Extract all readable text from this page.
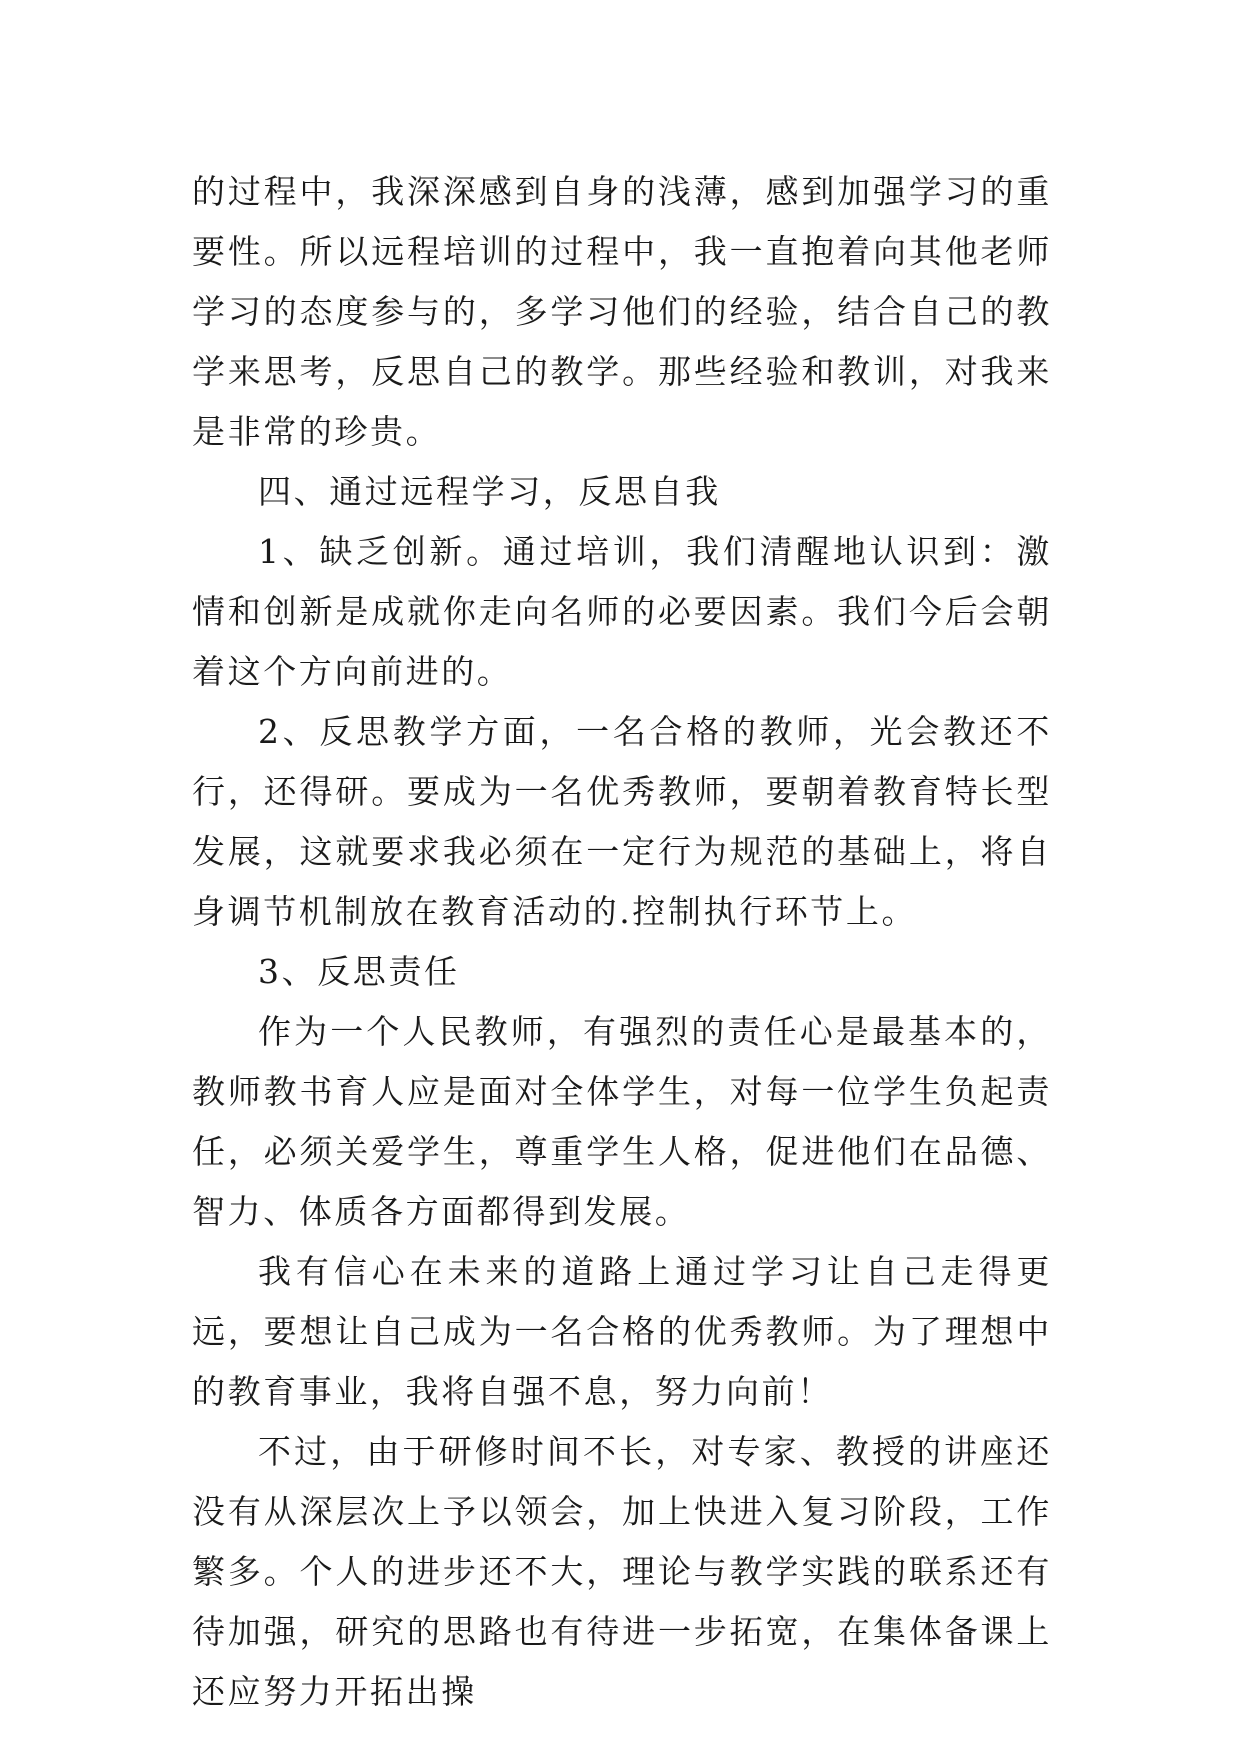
的过程中，我深深感到自身的浅薄，感到加强学习的重要性。所以远程培训的过程中，我一直抱着向其他老师学习的态度参与的，多学习他们的经验，结合自己的教学来思考，反思自己的教学。那些经验和教训，对我来是非常的珍贵。

四、通过远程学习，反思自我

1、缺乏创新。通过培训，我们清醒地认识到：激情和创新是成就你走向名师的必要因素。我们今后会朝着这个方向前进的。

2、反思教学方面，一名合格的教师，光会教还不行，还得研。要成为一名优秀教师，要朝着教育特长型发展，这就要求我必须在一定行为规范的基础上，将自身调节机制放在教育活动的.控制执行环节上。

3、反思责任

作为一个人民教师，有强烈的责任心是最基本的，教师教书育人应是面对全体学生，对每一位学生负起责任，必须关爱学生，尊重学生人格，促进他们在品德、智力、体质各方面都得到发展。

我有信心在未来的道路上通过学习让自己走得更远，要想让自己成为一名合格的优秀教师。为了理想中的教育事业，我将自强不息，努力向前！

不过，由于研修时间不长，对专家、教授的讲座还没有从深层次上予以领会，加上快进入复习阶段，工作繁多。个人的进步还不大，理论与教学实践的联系还有待加强，研究的思路也有待进一步拓宽，在集体备课上还应努力开拓出操
